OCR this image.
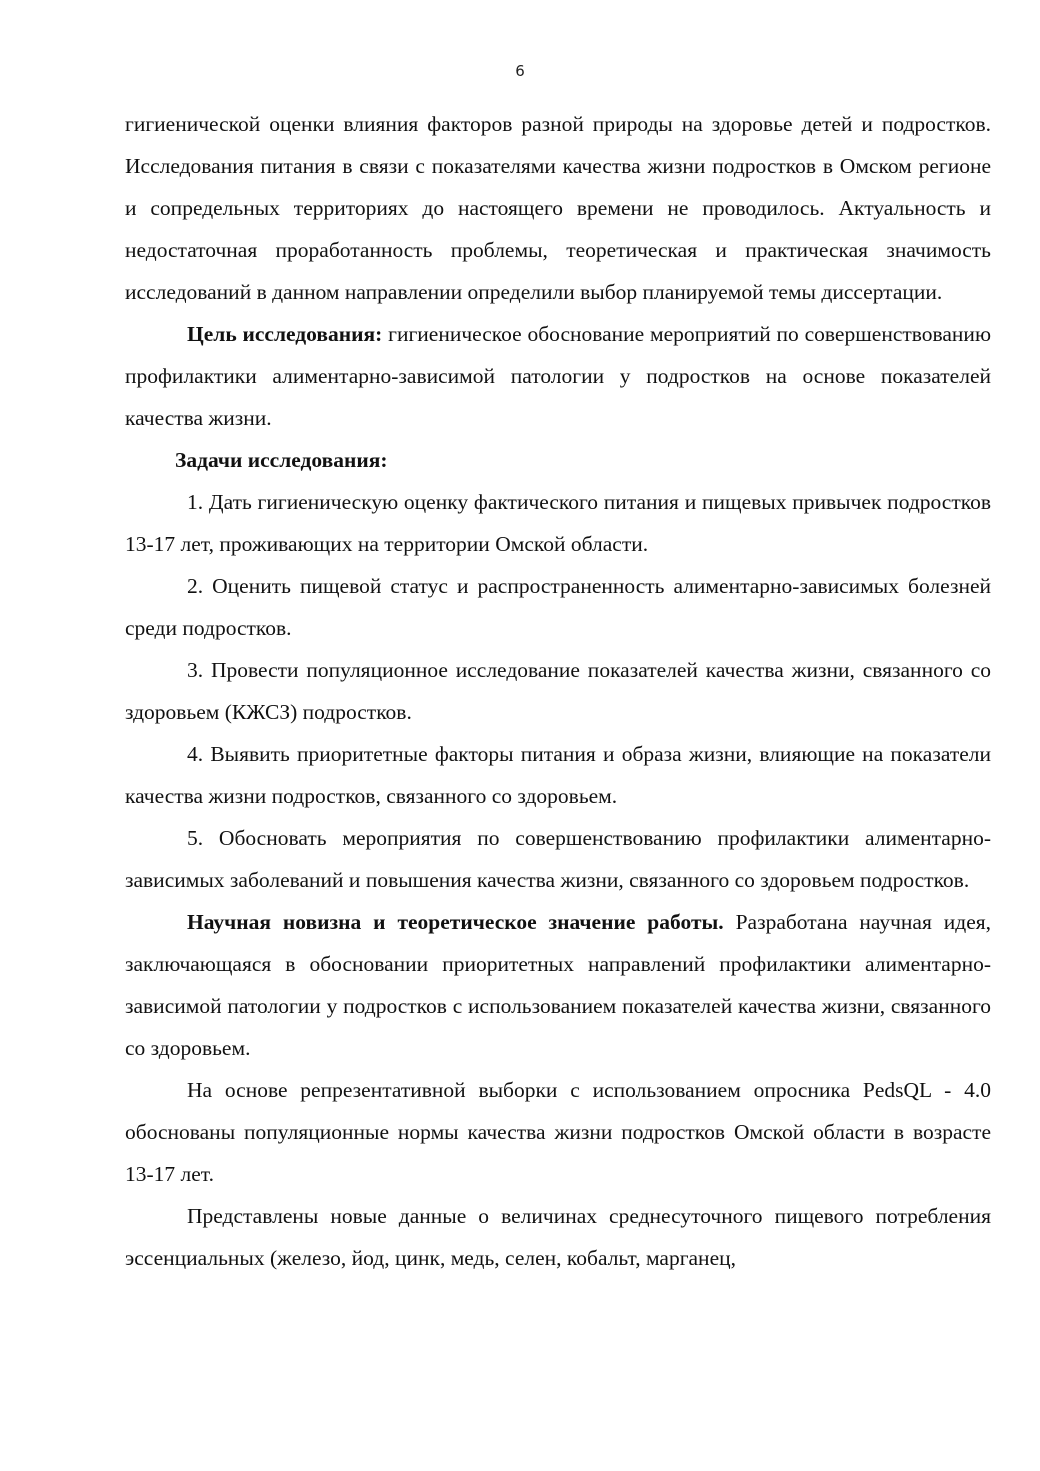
6

гигиенической оценки влияния факторов разной природы на здоровье детей и подростков. Исследования питания в связи с показателями качества жизни подростков в Омском регионе и сопредельных территориях до настоящего времени не проводилось. Актуальность и недостаточная проработанность проблемы, теоретическая и практическая значимость исследований в данном направлении определили выбор планируемой темы диссертации.

Цель исследования: гигиеническое обоснование мероприятий по совершенствованию профилактики алиментарно-зависимой патологии у подростков на основе показателей качества жизни.

Задачи исследования:

1. Дать гигиеническую оценку фактического питания и пищевых привычек подростков 13-17 лет, проживающих на территории Омской области.

2. Оценить пищевой статус и распространенность алиментарно-зависимых болезней среди подростков.

3. Провести популяционное исследование показателей качества жизни, связанного со здоровьем (КЖСЗ) подростков.

4. Выявить приоритетные факторы питания и образа жизни, влияющие на показатели качества жизни подростков, связанного со здоровьем.

5. Обосновать мероприятия по совершенствованию профилактики алиментарно-зависимых заболеваний и повышения качества жизни, связанного со здоровьем подростков.

Научная новизна и теоретическое значение работы. Разработана научная идея, заключающаяся в обосновании приоритетных направлений профилактики алиментарно-зависимой патологии у подростков с использованием показателей качества жизни, связанного со здоровьем.

На основе репрезентативной выборки с использованием опросника PedsQL - 4.0 обоснованы популяционные нормы качества жизни подростков Омской области в возрасте 13-17 лет.

Представлены новые данные о величинах среднесуточного пищевого потребления эссенциальных (железо, йод, цинк, медь, селен, кобальт, марганец,
